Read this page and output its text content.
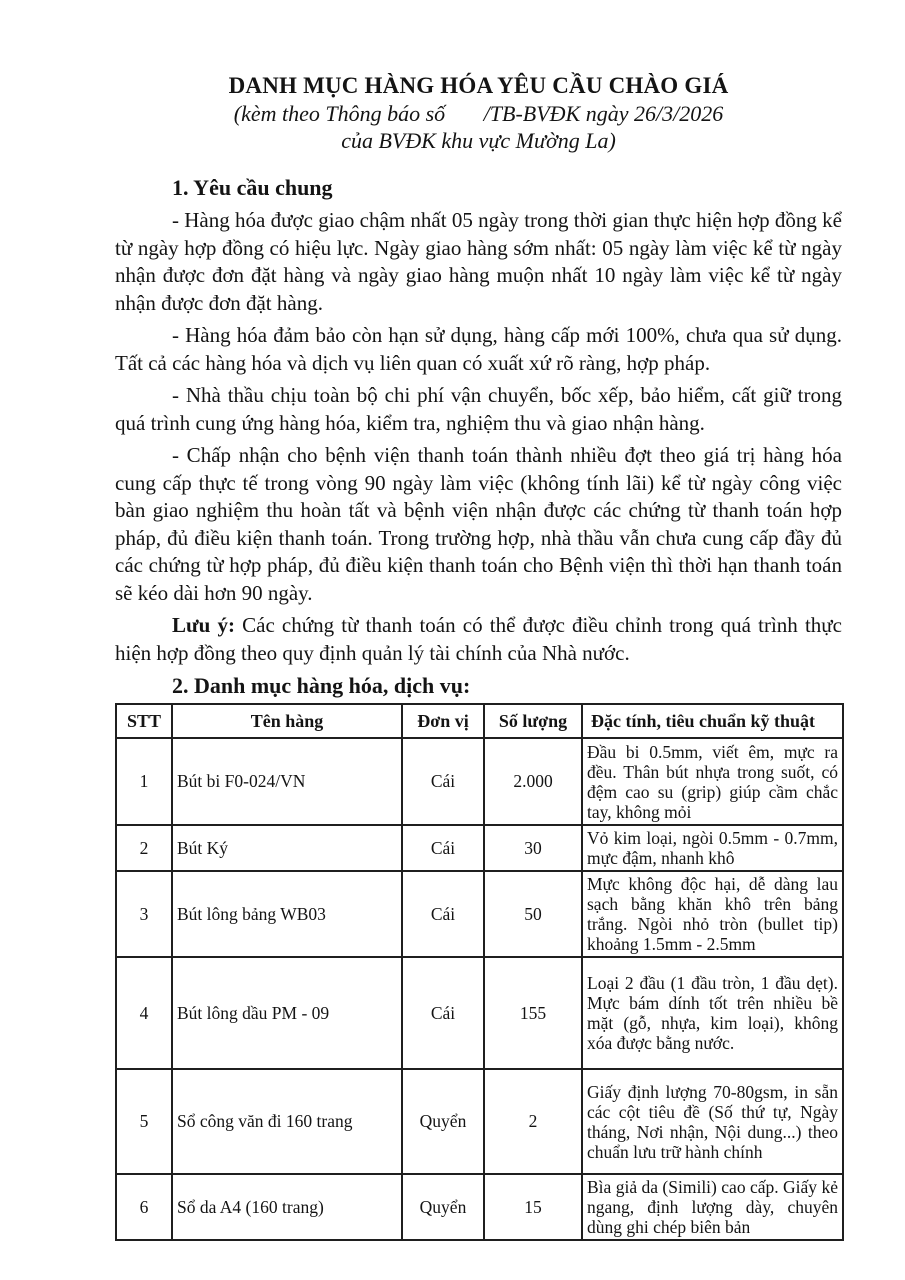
DANH MỤC HÀNG HÓA YÊU CẦU CHÀO GIÁ
(kèm theo Thông báo số       /TB-BVĐK ngày 26/3/2026
của BVĐK khu vực Mường La)
1. Yêu cầu chung

- Hàng hóa được giao chậm nhất 05 ngày trong thời gian thực hiện hợp đồng kể từ ngày hợp đồng có hiệu lực. Ngày giao hàng sớm nhất: 05 ngày làm việc kể từ ngày nhận được đơn đặt hàng và ngày giao hàng muộn nhất 10 ngày làm việc kể từ ngày nhận được đơn đặt hàng.

- Hàng hóa đảm bảo còn hạn sử dụng, hàng cấp mới 100%, chưa qua sử dụng. Tất cả các hàng hóa và dịch vụ liên quan có xuất xứ rõ ràng, hợp pháp.

- Nhà thầu chịu toàn bộ chi phí vận chuyển, bốc xếp, bảo hiểm, cất giữ trong quá trình cung ứng hàng hóa, kiểm tra, nghiệm thu và giao nhận hàng.

- Chấp nhận cho bệnh viện thanh toán thành nhiều đợt theo giá trị hàng hóa cung cấp thực tế trong vòng 90 ngày làm việc (không tính lãi) kể từ ngày công việc bàn giao nghiệm thu hoàn tất và bệnh viện nhận được các chứng từ thanh toán hợp pháp, đủ điều kiện thanh toán. Trong trường hợp, nhà thầu vẫn chưa cung cấp đầy đủ các chứng từ hợp pháp, đủ điều kiện thanh toán cho Bệnh viện thì thời hạn thanh toán sẽ kéo dài hơn 90 ngày.

Lưu ý: Các chứng từ thanh toán có thể được điều chỉnh trong quá trình thực hiện hợp đồng theo quy định quản lý tài chính của Nhà nước.

2. Danh mục hàng hóa, dịch vụ:
STT	Tên hàng	Đơn vị	Số lượng	Đặc tính, tiêu chuẩn kỹ thuật
1	Bút bi F0-024/VN	Cái	2.000	Đầu bi 0.5mm, viết êm, mực ra đều. Thân bút nhựa trong suốt, có đệm cao su (grip) giúp cầm chắc tay, không mỏi
2	Bút Ký	Cái	30	Vỏ kim loại, ngòi 0.5mm - 0.7mm, mực đậm, nhanh khô
3	Bút lông bảng WB03	Cái	50	Mực không độc hại, dễ dàng lau sạch bằng khăn khô trên bảng trắng. Ngòi nhỏ tròn (bullet tip) khoảng 1.5mm - 2.5mm
4	Bút lông dầu PM - 09	Cái	155	Loại 2 đầu (1 đầu tròn, 1 đầu dẹt). Mực bám dính tốt trên nhiều bề mặt (gỗ, nhựa, kim loại), không xóa được bằng nước.
5	Sổ công văn đi 160 trang	Quyển	2	Giấy định lượng 70-80gsm, in sẵn các cột tiêu đề (Số thứ tự, Ngày tháng, Nơi nhận, Nội dung...) theo chuẩn lưu trữ hành chính
6	Sổ da A4 (160 trang)	Quyển	15	Bìa giả da (Simili) cao cấp. Giấy kẻ ngang, định lượng dày, chuyên dùng ghi chép biên bản
